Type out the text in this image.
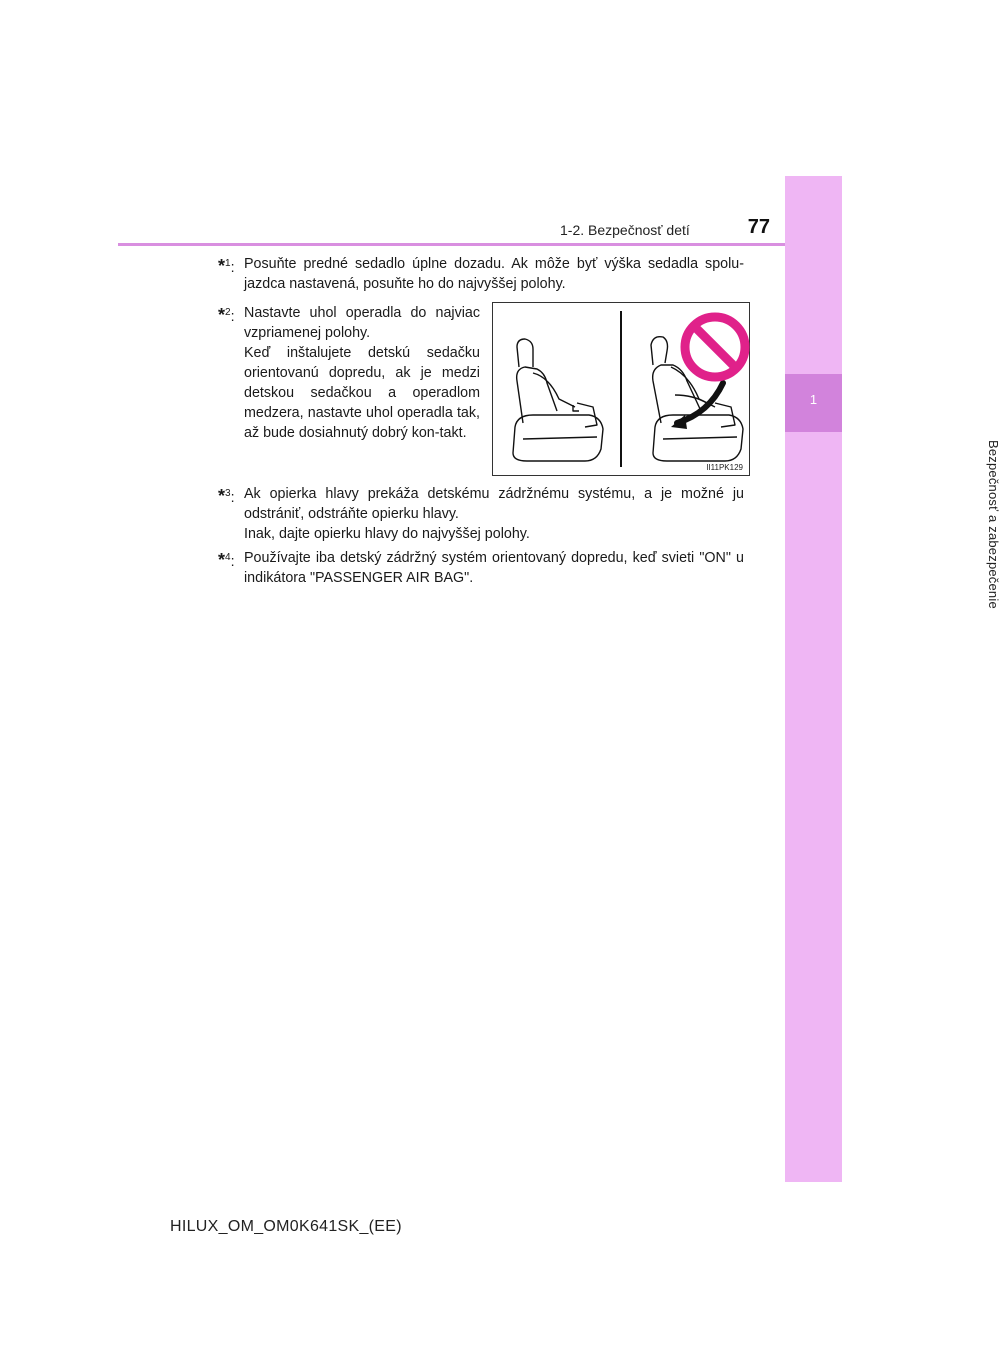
1-2. Bezpečnosť detí	77
1
Bezpečnosť a zabezpečenie
*$^1$: Posuňte predné sedadlo úplne dozadu. Ak môže byť výška sedadla spolu-jazdca nastavená, posuňte ho do najvyššej polohy.

*$^2$: Nastavte uhol operadla do najviac vzpriamenej polohy.

Keď inštalujete detskú sedačku orientovanú dopredu, ak je medzi detskou sedačkou a operadlom medzera, nastavte uhol operadla tak, až bude dosiahnutý dobrý kon-takt.

II11PK129
*$^3$: Ak opierka hlavy prekáža detskému zádržnému systému, a je možné ju odstrániť, odstráňte opierku hlavy.

Inak, dajte opierku hlavy do najvyššej polohy.

*$^4$: Používajte iba detský zádržný systém orientovaný dopredu, keď svieti "ON" u indikátora "PASSENGER AIR BAG".

HILUX_OM_OM0K641SK_(EE)
